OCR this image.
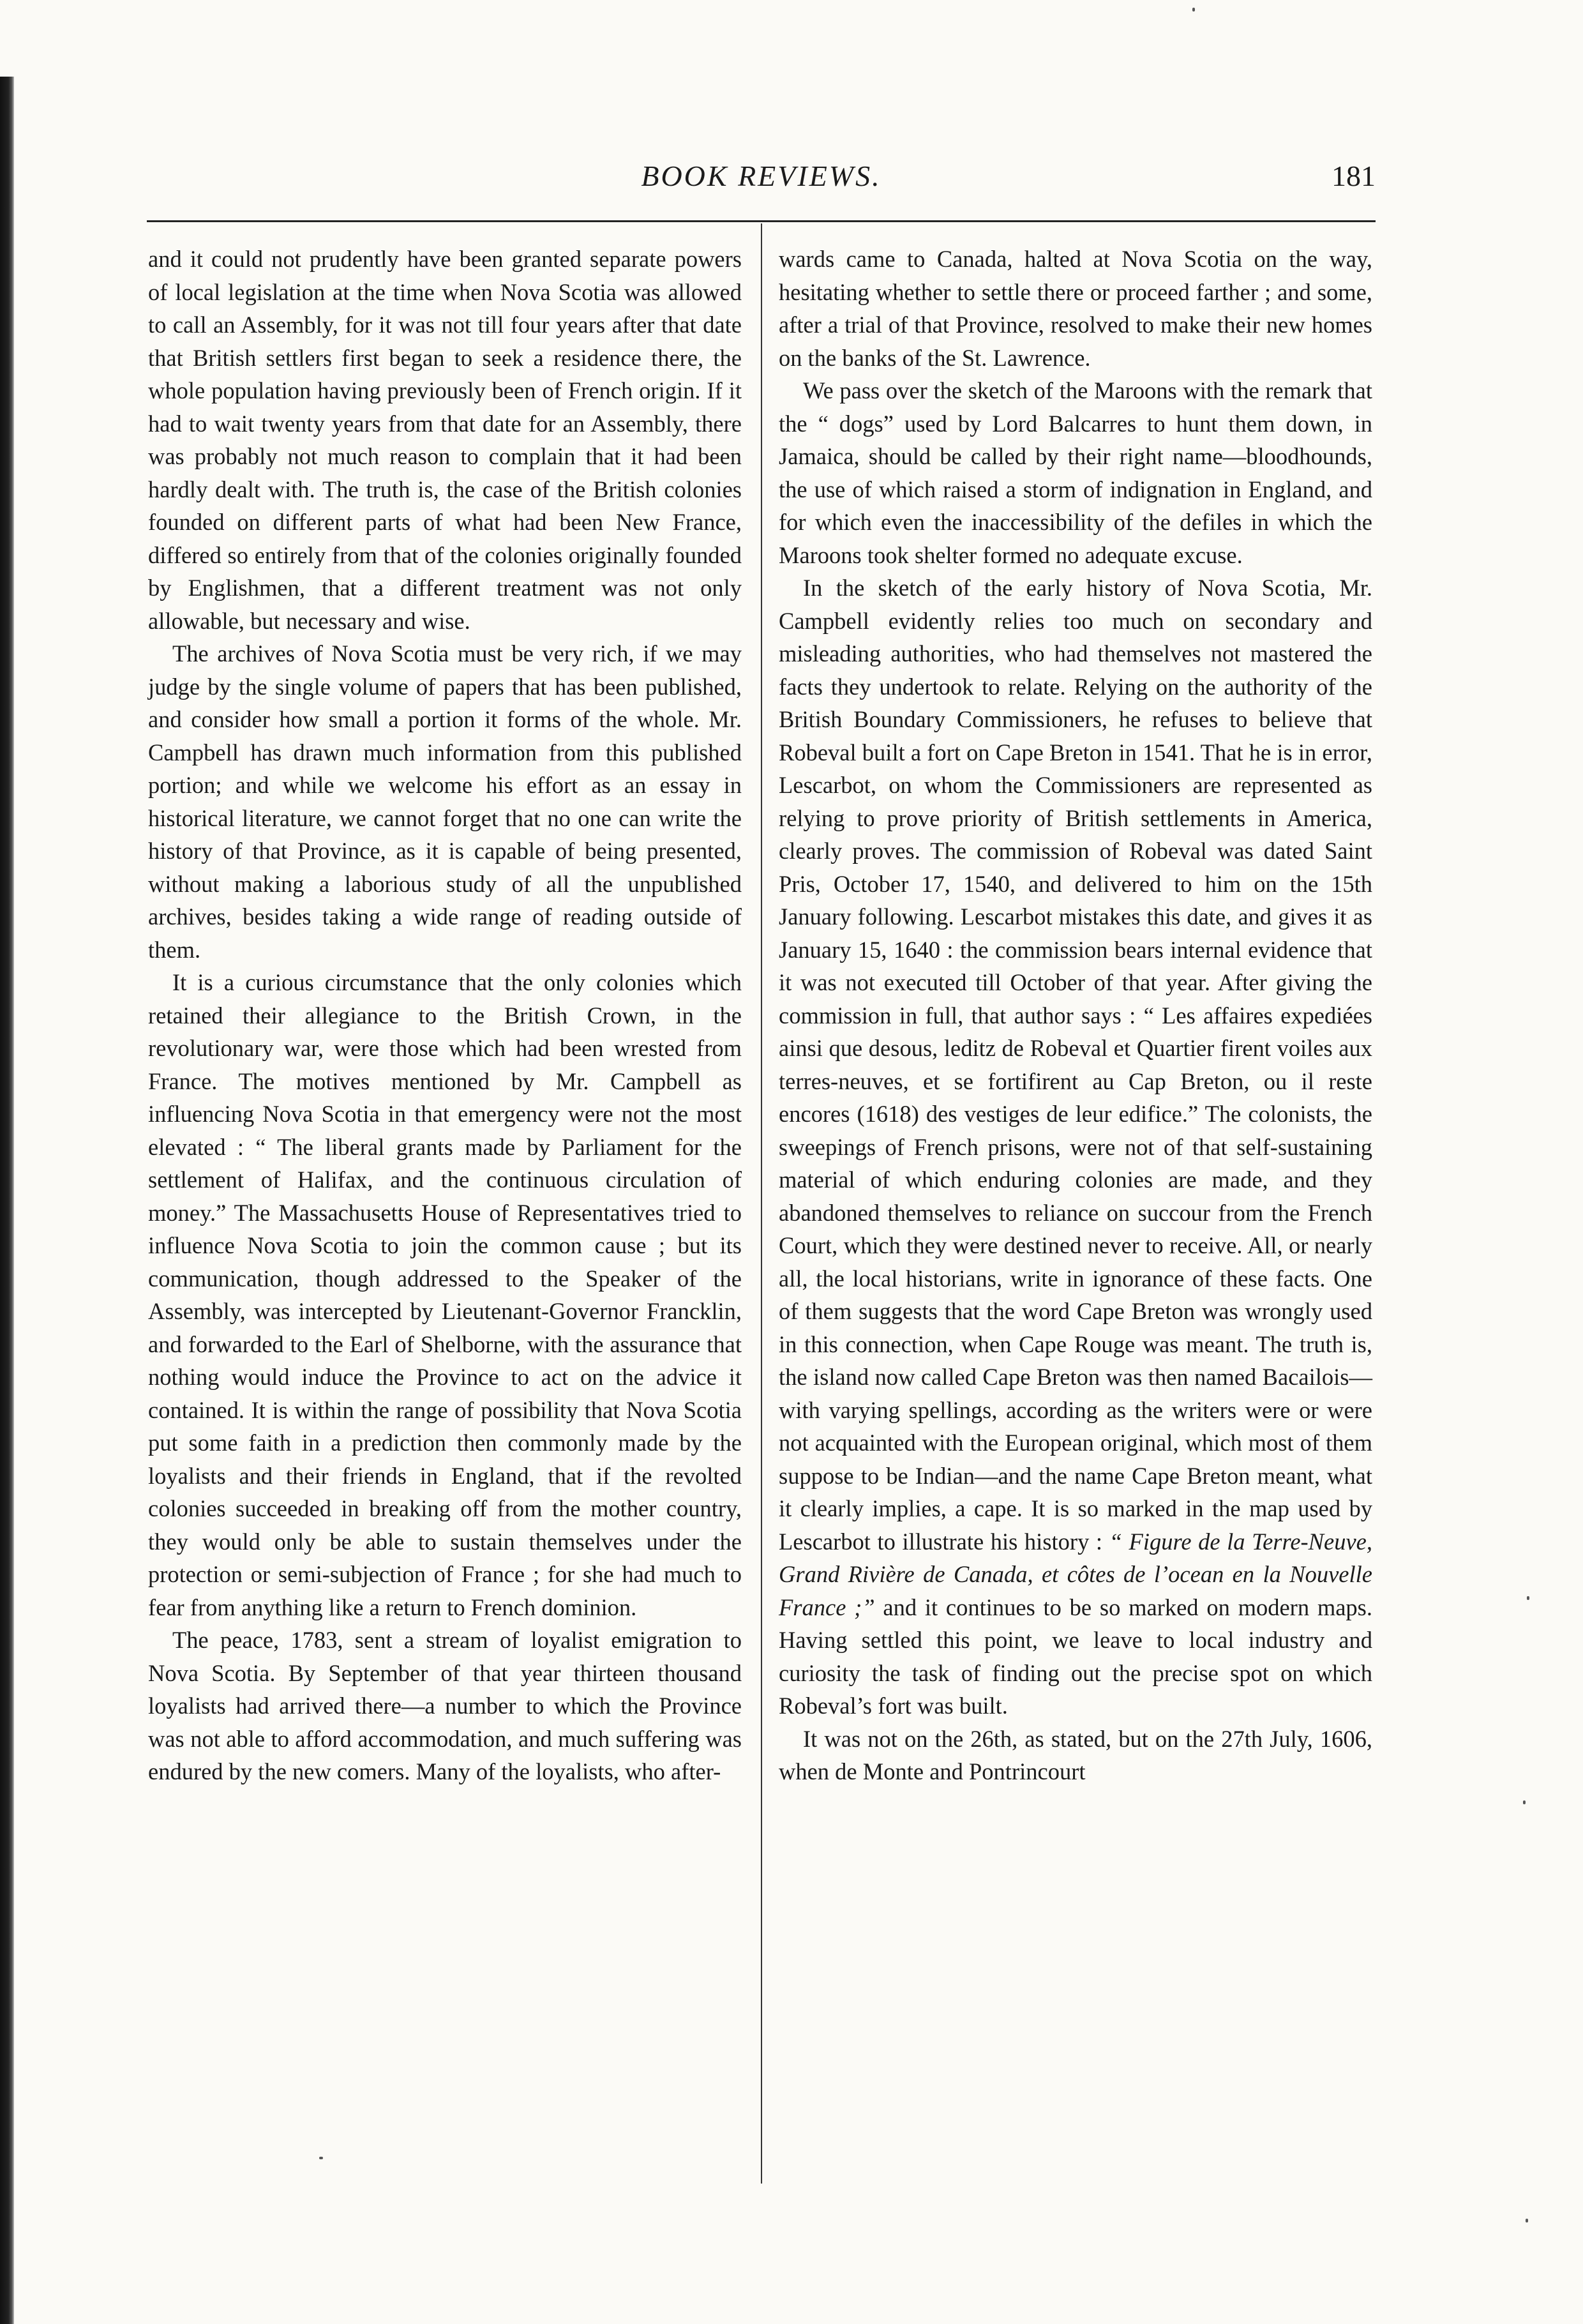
BOOK REVIEWS.	181

and it could not prudently have been granted separate powers of local legislation at the time when Nova Scotia was allowed to call an Assembly, for it was not till four years after that date that British settlers first began to seek a residence there, the whole population having previously been of French origin. If it had to wait twenty years from that date for an Assembly, there was probably not much reason to complain that it had been hardly dealt with. The truth is, the case of the British colonies founded on different parts of what had been New France, differed so entirely from that of the colonies originally founded by Englishmen, that a different treatment was not only allowable, but necessary and wise.

The archives of Nova Scotia must be very rich, if we may judge by the single volume of papers that has been published, and consider how small a portion it forms of the whole. Mr. Campbell has drawn much information from this published portion; and while we welcome his effort as an essay in historical literature, we cannot forget that no one can write the history of that Province, as it is capable of being presented, without making a laborious study of all the unpublished archives, besides taking a wide range of reading outside of them.

It is a curious circumstance that the only colonies which retained their allegiance to the British Crown, in the revolutionary war, were those which had been wrested from France. The motives mentioned by Mr. Campbell as influencing Nova Scotia in that emergency were not the most elevated : “ The liberal grants made by Parliament for the settlement of Halifax, and the continuous circulation of money.” The Massachusetts House of Representatives tried to influence Nova Scotia to join the common cause ; but its communication, though addressed to the Speaker of the Assembly, was intercepted by Lieutenant-Governor Francklin, and forwarded to the Earl of Shelborne, with the assurance that nothing would induce the Province to act on the advice it contained. It is within the range of possibility that Nova Scotia put some faith in a prediction then commonly made by the loyalists and their friends in England, that if the revolted colonies succeeded in breaking off from the mother country, they would only be able to sustain themselves under the protection or semi-subjection of France ; for she had much to fear from anything like a return to French dominion.

The peace, 1783, sent a stream of loyalist emigration to Nova Scotia. By September of that year thirteen thousand loyalists had arrived there—a number to which the Province was not able to afford accommodation, and much suffering was endured by the new comers. Many of the loyalists, who after-

wards came to Canada, halted at Nova Scotia on the way, hesitating whether to settle there or proceed farther ; and some, after a trial of that Province, resolved to make their new homes on the banks of the St. Lawrence.

We pass over the sketch of the Maroons with the remark that the “ dogs” used by Lord Balcarres to hunt them down, in Jamaica, should be called by their right name—bloodhounds, the use of which raised a storm of indignation in England, and for which even the inaccessibility of the defiles in which the Maroons took shelter formed no adequate excuse.

In the sketch of the early history of Nova Scotia, Mr. Campbell evidently relies too much on secondary and misleading authorities, who had themselves not mastered the facts they undertook to relate. Relying on the authority of the British Boundary Commissioners, he refuses to believe that Robeval built a fort on Cape Breton in 1541. That he is in error, Lescarbot, on whom the Commissioners are represented as relying to prove priority of British settlements in America, clearly proves. The commission of Robeval was dated Saint Pris, October 17, 1540, and delivered to him on the 15th January following. Lescarbot mistakes this date, and gives it as January 15, 1640 : the commission bears internal evidence that it was not executed till October of that year. After giving the commission in full, that author says : “ Les affaires expediées ainsi que desous, leditz de Robeval et Quartier firent voiles aux terres-neuves, et se fortifirent au Cap Breton, ou il reste encores (1618) des vestiges de leur edifice.” The colonists, the sweepings of French prisons, were not of that self-sustaining material of which enduring colonies are made, and they abandoned themselves to reliance on succour from the French Court, which they were destined never to receive. All, or nearly all, the local historians, write in ignorance of these facts. One of them suggests that the word Cape Breton was wrongly used in this connection, when Cape Rouge was meant. The truth is, the island now called Cape Breton was then named Bacailois—with varying spellings, according as the writers were or were not acquainted with the European original, which most of them suppose to be Indian—and the name Cape Breton meant, what it clearly implies, a cape. It is so marked in the map used by Lescarbot to illustrate his history : “ Figure de la Terre-Neuve, Grand Rivière de Canada, et côtes de l’ocean en la Nouvelle France ;” and it continues to be so marked on modern maps. Having settled this point, we leave to local industry and curiosity the task of finding out the precise spot on which Robeval’s fort was built.

It was not on the 26th, as stated, but on the 27th July, 1606, when de Monte and Pontrincourt
